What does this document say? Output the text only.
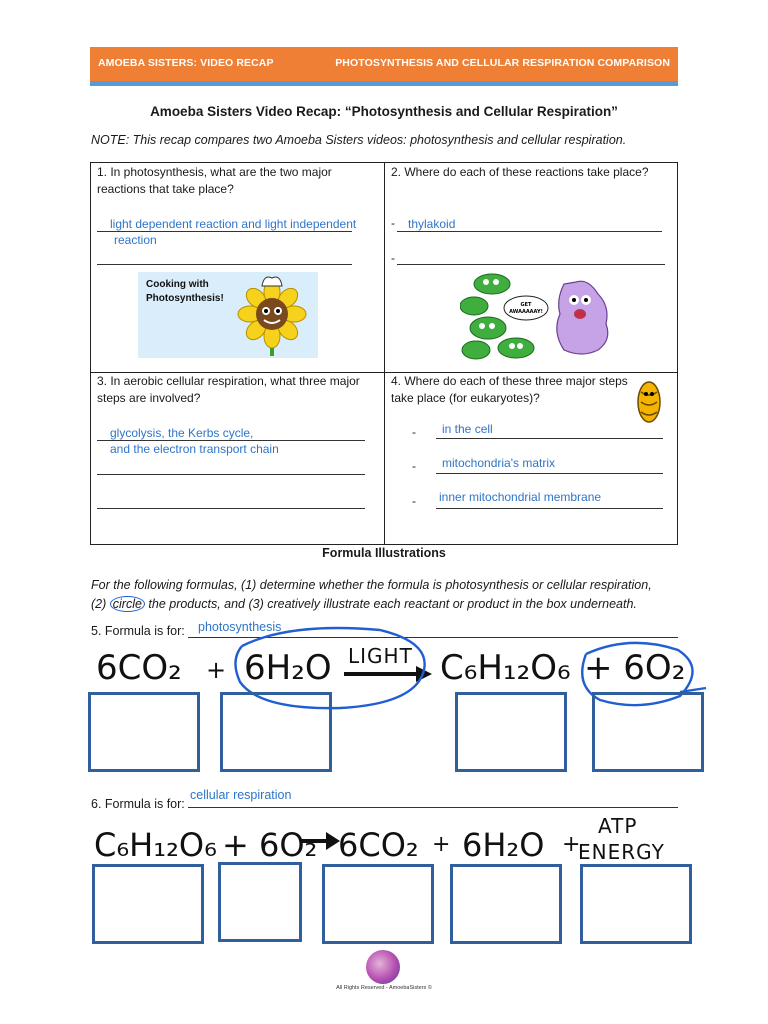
AMOEBA SISTERS: VIDEO RECAP	PHOTOSYNTHESIS AND CELLULAR RESPIRATION COMPARISON
Amoeba Sisters Video Recap: “Photosynthesis and Cellular Respiration”
NOTE: This recap compares two Amoeba Sisters videos: photosynthesis and cellular respiration.
1. In photosynthesis, what are the two major reactions that take place?
light dependent reaction and light independent
reaction
Cooking with Photosynthesis!
2. Where do each of these reactions take place?
- thylakoid
-
GET
AWAAAAAY!
3. In aerobic cellular respiration, what three major steps are involved?
glycolysis, the Kerbs cycle,
and the electron transport chain
4. Where do each of these three major steps take place (for eukaryotes)?
- in the cell
- mitochondria's matrix
- inner mitochondrial membrane
Formula Illustrations
For the following formulas, (1) determine whether the formula is photosynthesis or cellular respiration,
(2) circle the products, and (3) creatively illustrate each reactant or product in the box underneath.
5. Formula is for: photosynthesis
6CO₂ + 6H₂O LIGHT C₆H₁₂O₆ + 6O₂
6. Formula is for:
cellular respiration
C₆H₁₂O₆ + 6O₂ 6CO₂ + 6H₂O +
ATP
ENERGY
All Rights Reserved - AmoebaSisters ©
